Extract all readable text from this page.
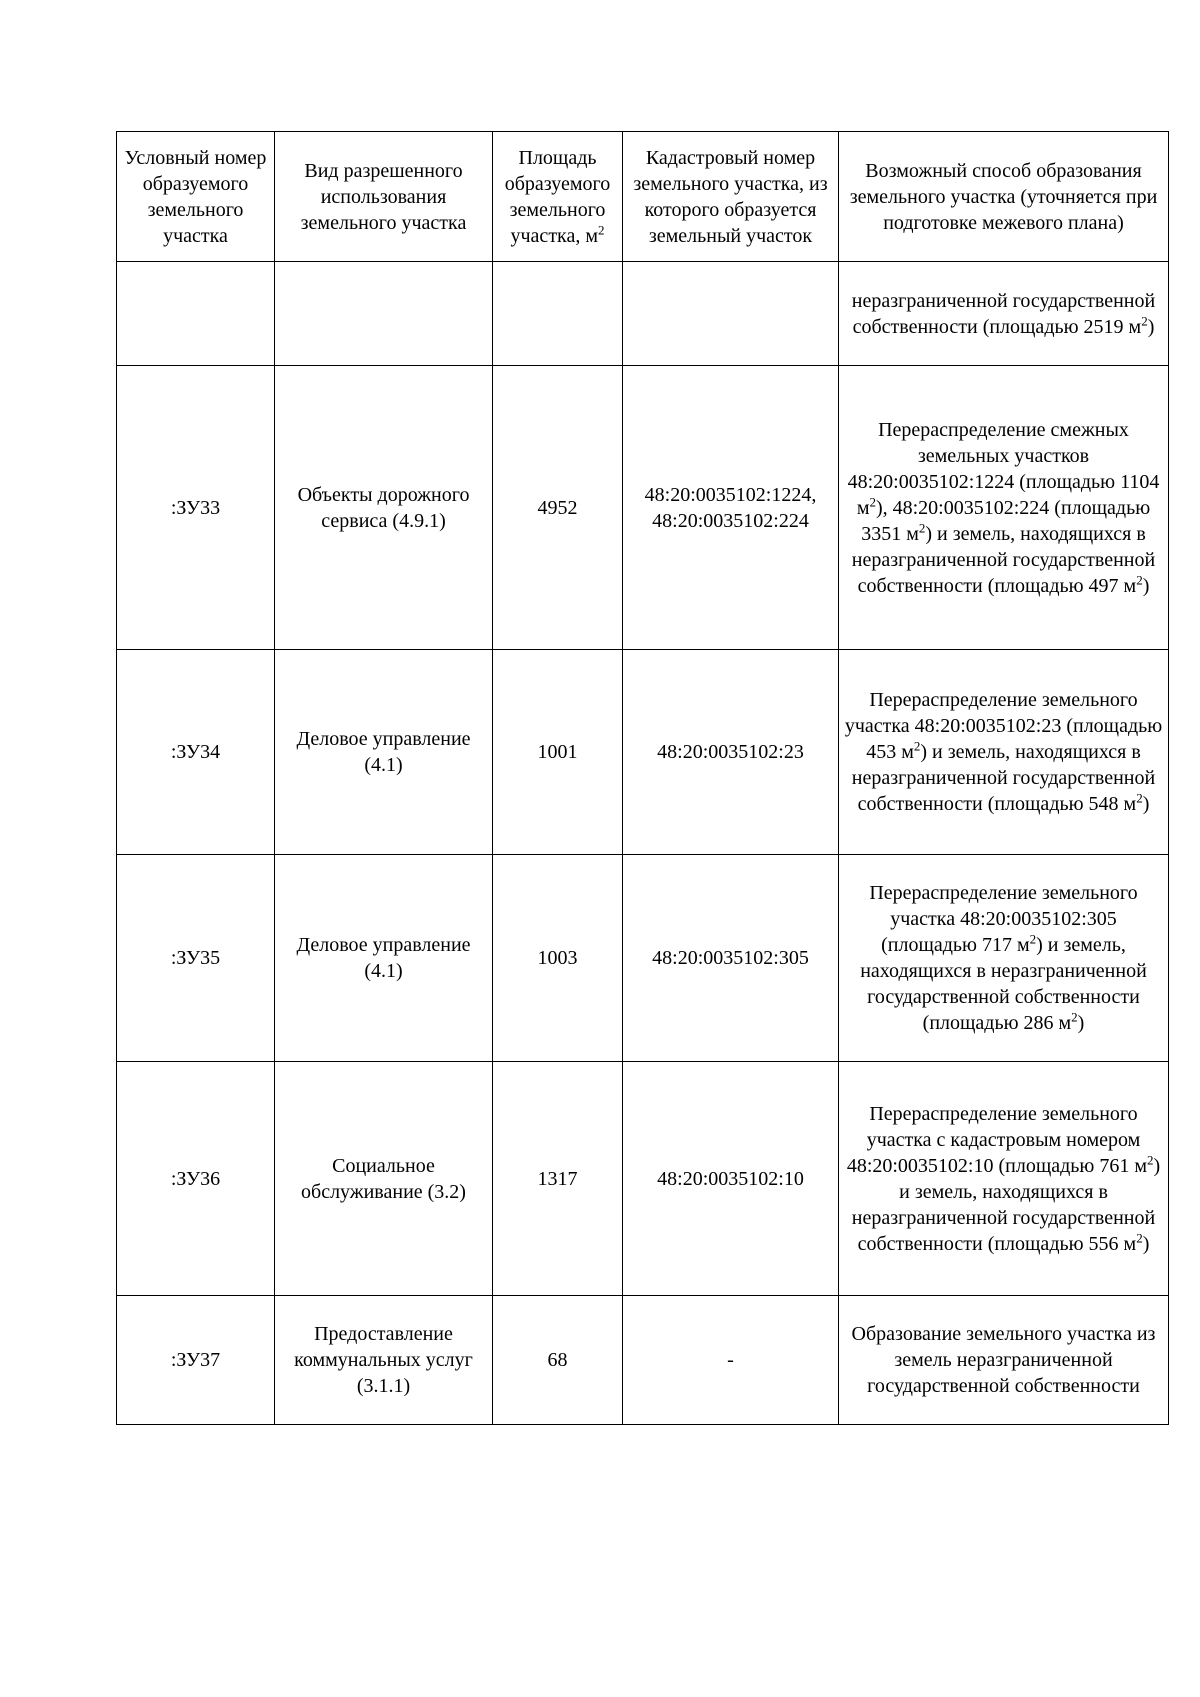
Условный номер образуемого земельного участка	Вид разрешенного использования земельного участка	Площадь образуемого земельного участка, $м^2$	Кадастровый номер земельного участка, из которого образуется земельный участок	Возможный способ образования земельного участка (уточняется при подготовке межевого плана)
				неразграниченной государственной собственности (площадью 2519 $м^2$)
:ЗУ33	Объекты дорожного сервиса (4.9.1)	4952	48:20:0035102:1224, 48:20:0035102:224	Перераспределение смежных земельных участков 48:20:0035102:1224 (площадью 1104 $м^2$), 48:20:0035102:224 (площадью 3351 $м^2$) и земель, находящихся в неразграниченной государственной собственности (площадью 497 $м^2$)
:ЗУ34	Деловое управление (4.1)	1001	48:20:0035102:23	Перераспределение земельного участка 48:20:0035102:23 (площадью 453 $м^2$) и земель, находящихся в неразграниченной государственной собственности (площадью 548 $м^2$)
:ЗУ35	Деловое управление (4.1)	1003	48:20:0035102:305	Перераспределение земельного участка 48:20:0035102:305 (площадью 717 $м^2$) и земель, находящихся в неразграниченной государственной собственности (площадью 286 $м^2$)
:ЗУ36	Социальное обслуживание (3.2)	1317	48:20:0035102:10	Перераспределение земельного участка с кадастровым номером 48:20:0035102:10 (площадью 761 $м^2$) и земель, находящихся в неразграниченной государственной собственности (площадью 556 $м^2$)
:ЗУ37	Предоставление коммунальных услуг (3.1.1)	68	-	Образование земельного участка из земель неразграниченной государственной собственности
